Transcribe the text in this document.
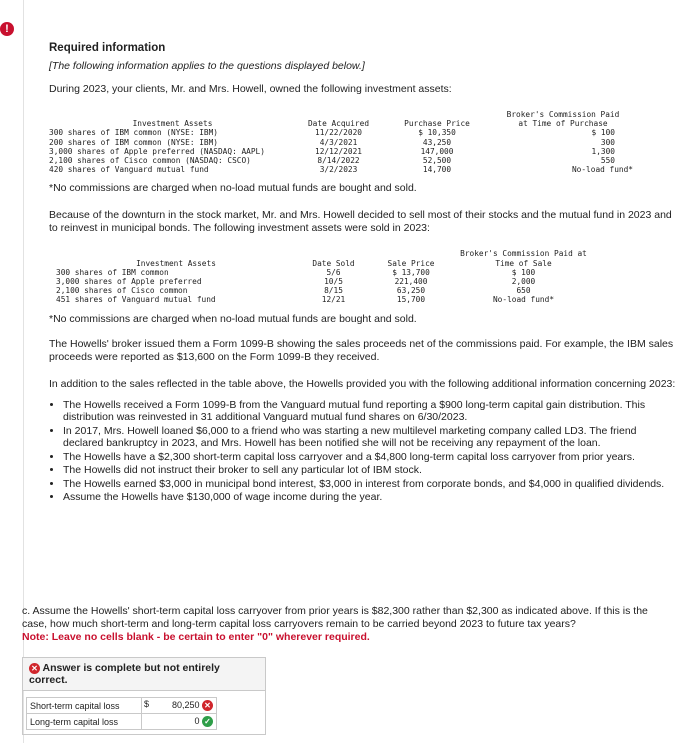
!
Required information

[The following information applies to the questions displayed below.]

During 2023, your clients, Mr. and Mrs. Howell, owned the following investment assets:

			Broker's Commission Paid
Investment Assets	Date Acquired	Purchase Price	at Time of Purchase
300 shares of IBM common (NYSE: IBM)	11/22/2020	$ 10,350	$ 100
200 shares of IBM common (NYSE: IBM)	4/3/2021	43,250	300
3,000 shares of Apple preferred (NASDAQ: AAPL)	12/12/2021	147,000	1,300
2,100 shares of Cisco common (NASDAQ: CSCO)	8/14/2022	52,500	550
420 shares of Vanguard mutual fund	3/2/2023	14,700	No-load fund*

*No commissions are charged when no-load mutual funds are bought and sold.

Because of the downturn in the stock market, Mr. and Mrs. Howell decided to sell most of their stocks and the mutual fund in 2023 and to reinvest in municipal bonds. The following investment assets were sold in 2023:

			Broker's Commission Paid at
Investment Assets	Date Sold	Sale Price	Time of Sale
300 shares of IBM common	5/6	$ 13,700	$ 100
3,000 shares of Apple preferred	10/5	221,400	2,000
2,100 shares of Cisco common	8/15	63,250	650
451 shares of Vanguard mutual fund	12/21	15,700	No-load fund*

*No commissions are charged when no-load mutual funds are bought and sold.

The Howells' broker issued them a Form 1099-B showing the sales proceeds net of the commissions paid. For example, the IBM sales proceeds were reported as $13,600 on the Form 1099-B they received.

In addition to the sales reflected in the table above, the Howells provided you with the following additional information concerning 2023:

• The Howells received a Form 1099-B from the Vanguard mutual fund reporting a $900 long-term capital gain distribution. This distribution was reinvested in 31 additional Vanguard mutual fund shares on 6/30/2023.
• In 2017, Mrs. Howell loaned $6,000 to a friend who was starting a new multilevel marketing company called LD3. The friend declared bankruptcy in 2023, and Mrs. Howell has been notified she will not be receiving any repayment of the loan.
• The Howells have a $2,300 short-term capital loss carryover and a $4,800 long-term capital loss carryover from prior years.
• The Howells did not instruct their broker to sell any particular lot of IBM stock.
• The Howells earned $3,000 in municipal bond interest, $3,000 in interest from corporate bonds, and $4,000 in qualified dividends.
• Assume the Howells have $130,000 of wage income during the year.

c. Assume the Howells' short-term capital loss carryover from prior years is $82,300 rather than $2,300 as indicated above. If this is the case, how much short-term and long-term capital loss carryovers remain to be carried beyond 2023 to future tax years?

Note: Leave no cells blank - be certain to enter "0" wherever required.

✕ Answer is complete but not entirely correct.
Short-term capital loss	$ 80,250 ✕

Long-term capital loss	0 ✓
